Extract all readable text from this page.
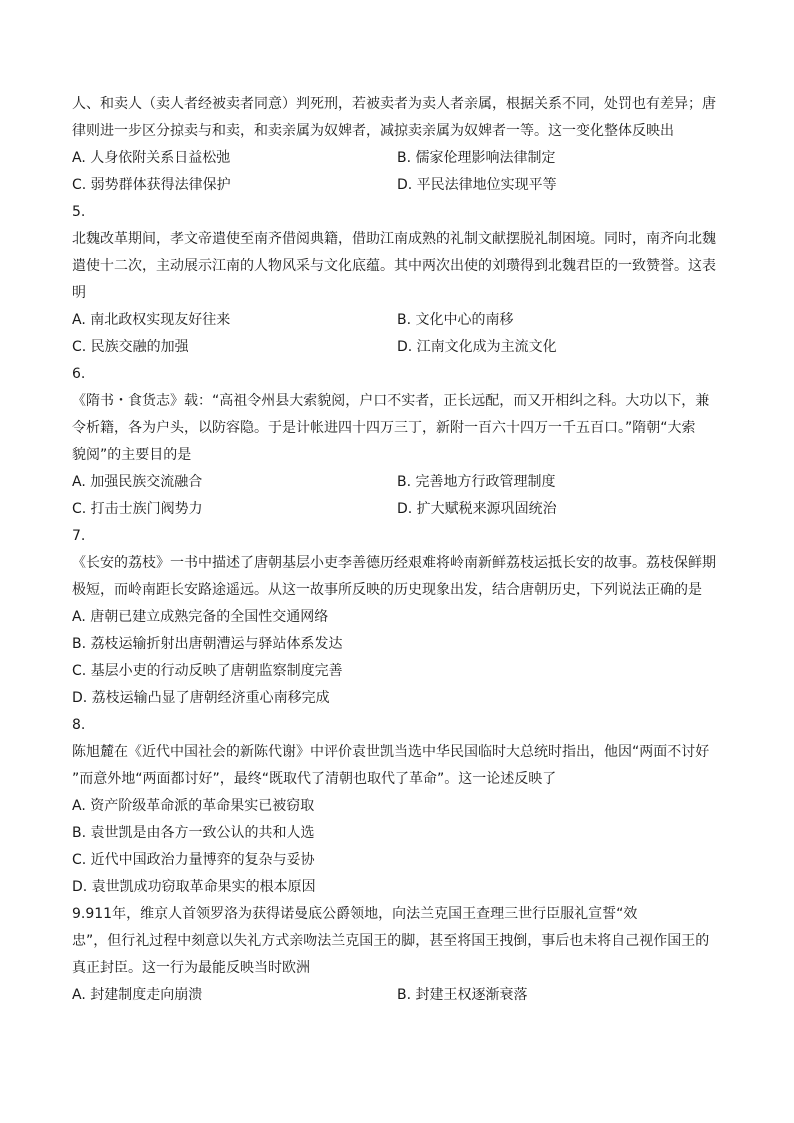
人、和卖人（卖人者经被卖者同意）判死刑，若被卖者为卖人者亲属，根据关系不同，处罚也有差异；唐
律则进一步区分掠卖与和卖，和卖亲属为奴婢者，减掠卖亲属为奴婢者一等。这一变化整体反映出
A. 人身依附关系日益松弛	B. 儒家伦理影响法律制定
C. 弱势群体获得法律保护	D. 平民法律地位实现平等
5.
北魏改革期间，孝文帝遣使至南齐借阅典籍，借助江南成熟的礼制文献摆脱礼制困境。同时，南齐向北魏
遣使十二次，主动展示江南的人物风采与文化底蕴。其中两次出使的刘瓒得到北魏君臣的一致赞誉。这表
明
A. 南北政权实现友好往来	B. 文化中心的南移
C. 民族交融的加强	D. 江南文化成为主流文化
6.
《隋书・食货志》载：“高祖令州县大索貌阅，户口不实者，正长远配，而又开相纠之科。大功以下，兼
令析籍，各为户头，以防容隐。于是计帐进四十四万三丁，新附一百六十四万一千五百口。”隋朝“大索
貌阅”的主要目的是
A. 加强民族交流融合	B. 完善地方行政管理制度
C. 打击士族门阀势力	D. 扩大赋税来源巩固统治
7.
《长安的荔枝》一书中描述了唐朝基层小吏李善德历经艰难将岭南新鲜荔枝运抵长安的故事。荔枝保鲜期
极短，而岭南距长安路途遥远。从这一故事所反映的历史现象出发，结合唐朝历史，下列说法正确的是
A. 唐朝已建立成熟完备的全国性交通网络
B. 荔枝运输折射出唐朝漕运与驿站体系发达
C. 基层小吏的行动反映了唐朝监察制度完善
D. 荔枝运输凸显了唐朝经济重心南移完成
8.
陈旭麓在《近代中国社会的新陈代谢》中评价袁世凯当选中华民国临时大总统时指出，他因“两面不讨好
”而意外地“两面都讨好”，最终“既取代了清朝也取代了革命”。这一论述反映了
A. 资产阶级革命派的革命果实已被窃取
B. 袁世凯是由各方一致公认的共和人选
C. 近代中国政治力量博弈的复杂与妥协
D. 袁世凯成功窃取革命果实的根本原因
9.911年，维京人首领罗洛为获得诺曼底公爵领地，向法兰克国王查理三世行臣服礼宣誓“效
忠”，但行礼过程中刻意以失礼方式亲吻法兰克国王的脚，甚至将国王拽倒，事后也未将自己视作国王的
真正封臣。这一行为最能反映当时欧洲
A. 封建制度走向崩溃	B. 封建王权逐渐衰落
